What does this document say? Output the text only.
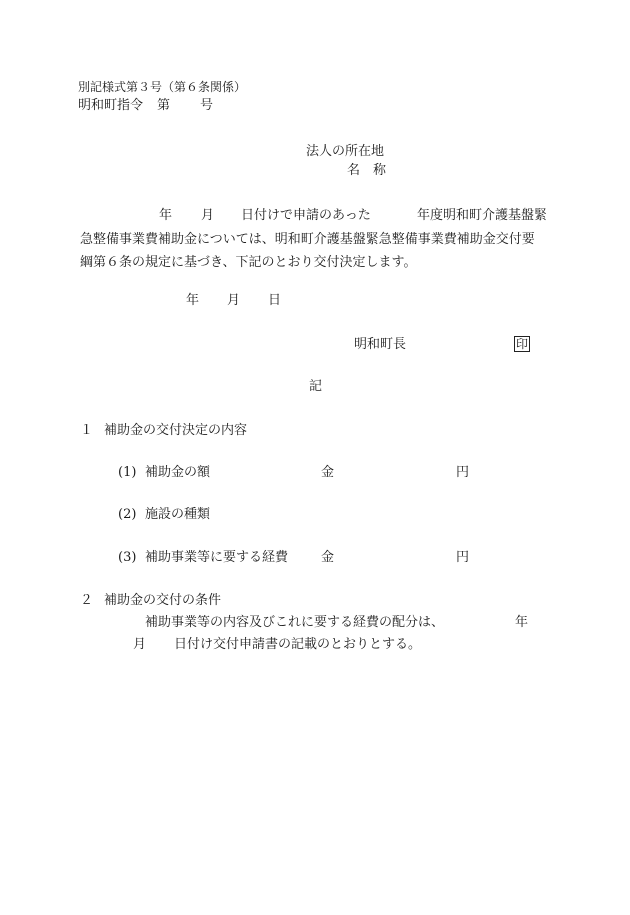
別記様式第３号（第６条関係）
明和町指令 第 号
法人の所在地
名　称
年 月 日付けで申請のあった	年度明和町介護基盤緊
急整備事業費補助金については、明和町介護基盤緊急整備事業費補助金交付要
綱第６条の規定に基づき、下記のとおり交付決定します。
年 月 日
明和町長	印
記
１ 補助金の交付決定の内容
(1) 補助金の額	金	円
(2) 施設の種類
(3) 補助事業等に要する経費	金	円
２ 補助金の交付の条件
補助事業等の内容及びこれに要する経費の配分は、	年
月 日付け交付申請書の記載のとおりとする。
